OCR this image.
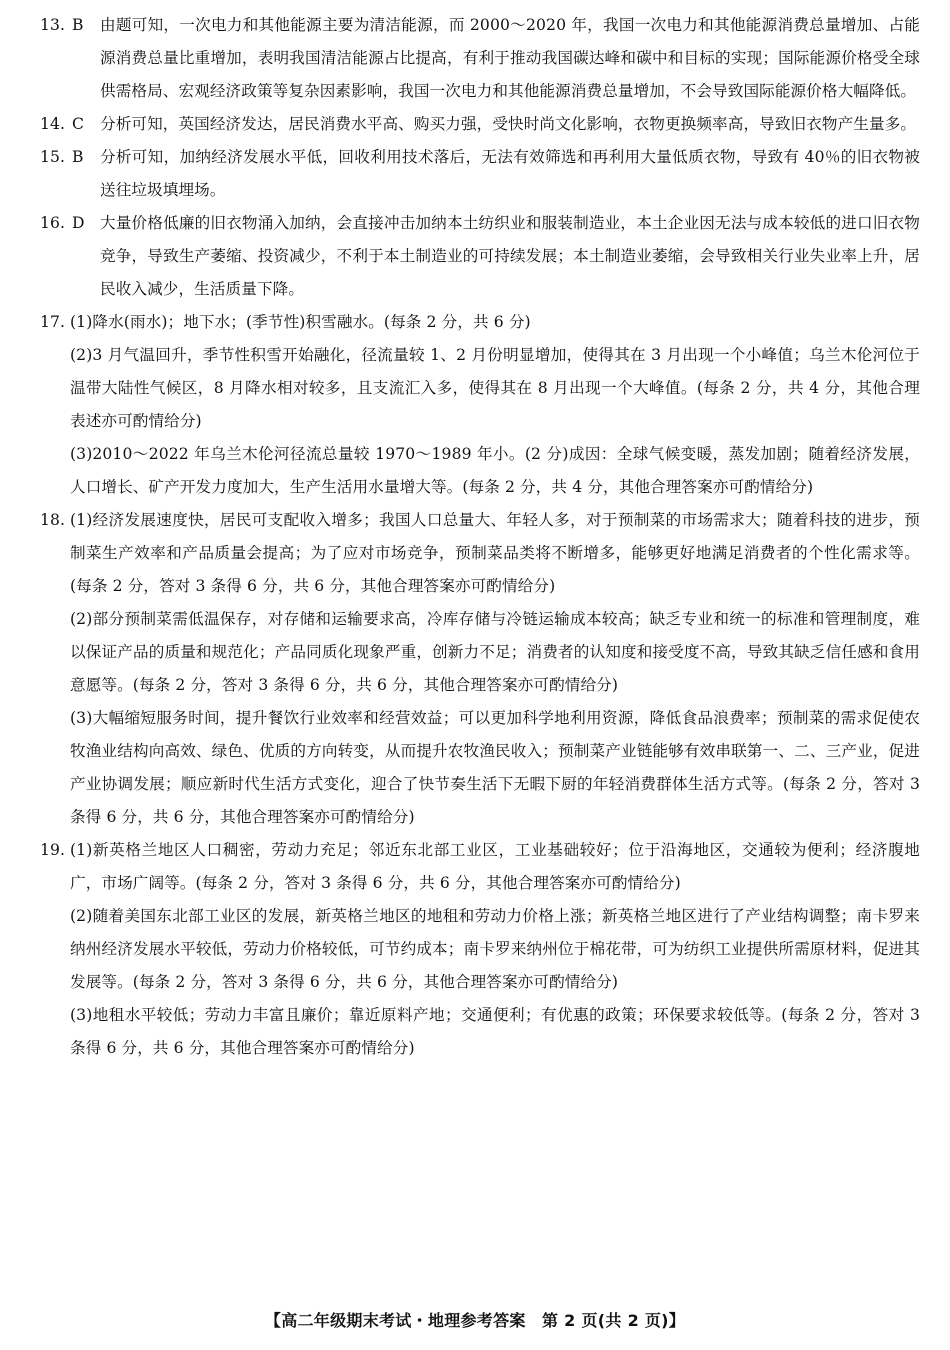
13. B	由题可知，一次电力和其他能源主要为清洁能源，而 2000～2020 年，我国一次电力和其他能源消费总量增加、占能源消费总量比重增加，表明我国清洁能源占比提高，有利于推动我国碳达峰和碳中和目标的实现；国际能源价格受全球供需格局、宏观经济政策等复杂因素影响，我国一次电力和其他能源消费总量增加，不会导致国际能源价格大幅降低。
14. C	分析可知，英国经济发达，居民消费水平高、购买力强，受快时尚文化影响，衣物更换频率高，导致旧衣物产生量多。
15. B	分析可知，加纳经济发展水平低，回收利用技术落后，无法有效筛选和再利用大量低质衣物，导致有 40％的旧衣物被送往垃圾填埋场。
16. D 大量价格低廉的旧衣物涌入加纳，会直接冲击加纳本土纺织业和服装制造业，本土企业因无法与成本较低的进口旧衣物竞争，导致生产萎缩、投资减少，不利于本土制造业的可持续发展；本土制造业萎缩，会导致相关行业失业率上升，居民收入减少，生活质量下降。
17. (1)降水(雨水)；地下水；(季节性)积雪融水。(每条 2 分，共 6 分)

(2)3 月气温回升，季节性积雪开始融化，径流量较 1、2 月份明显增加，使得其在 3 月出现一个小峰值；乌兰木伦河位于温带大陆性气候区，8 月降水相对较多，且支流汇入多，使得其在 8 月出现一个大峰值。(每条 2 分，共 4 分，其他合理表述亦可酌情给分)

(3)2010～2022 年乌兰木伦河径流总量较 1970～1989 年小。(2 分)成因：全球气候变暖，蒸发加剧；随着经济发展，人口增长、矿产开发力度加大，生产生活用水量增大等。(每条 2 分，共 4 分，其他合理答案亦可酌情给分)

18. (1)经济发展速度快，居民可支配收入增多；我国人口总量大、年轻人多，对于预制菜的市场需求大；随着科技的进步，预制菜生产效率和产品质量会提高；为了应对市场竞争，预制菜品类将不断增多，能够更好地满足消费者的个性化需求等。(每条 2 分，答对 3 条得 6 分，共 6 分，其他合理答案亦可酌情给分)

(2)部分预制菜需低温保存，对存储和运输要求高，冷库存储与冷链运输成本较高；缺乏专业和统一的标准和管理制度，难以保证产品的质量和规范化；产品同质化现象严重，创新力不足；消费者的认知度和接受度不高，导致其缺乏信任感和食用意愿等。(每条 2 分，答对 3 条得 6 分，共 6 分，其他合理答案亦可酌情给分)

(3)大幅缩短服务时间，提升餐饮行业效率和经营效益；可以更加科学地利用资源，降低食品浪费率；预制菜的需求促使农牧渔业结构向高效、绿色、优质的方向转变，从而提升农牧渔民收入；预制菜产业链能够有效串联第一、二、三产业，促进产业协调发展；顺应新时代生活方式变化，迎合了快节奏生活下无暇下厨的年轻消费群体生活方式等。(每条 2 分，答对 3 条得 6 分，共 6 分，其他合理答案亦可酌情给分)

19. (1)新英格兰地区人口稠密，劳动力充足；邻近东北部工业区，工业基础较好；位于沿海地区，交通较为便利；经济腹地广，市场广阔等。(每条 2 分，答对 3 条得 6 分，共 6 分，其他合理答案亦可酌情给分)

(2)随着美国东北部工业区的发展，新英格兰地区的地租和劳动力价格上涨；新英格兰地区进行了产业结构调整；南卡罗来纳州经济发展水平较低，劳动力价格较低，可节约成本；南卡罗来纳州位于棉花带，可为纺织工业提供所需原材料，促进其发展等。(每条 2 分，答对 3 条得 6 分，共 6 分，其他合理答案亦可酌情给分)

(3)地租水平较低；劳动力丰富且廉价；靠近原料产地；交通便利；有优惠的政策；环保要求较低等。(每条 2 分，答对 3 条得 6 分，共 6 分，其他合理答案亦可酌情给分)

【高二年级期末考试・地理参考答案　第 2 页(共 2 页)】
